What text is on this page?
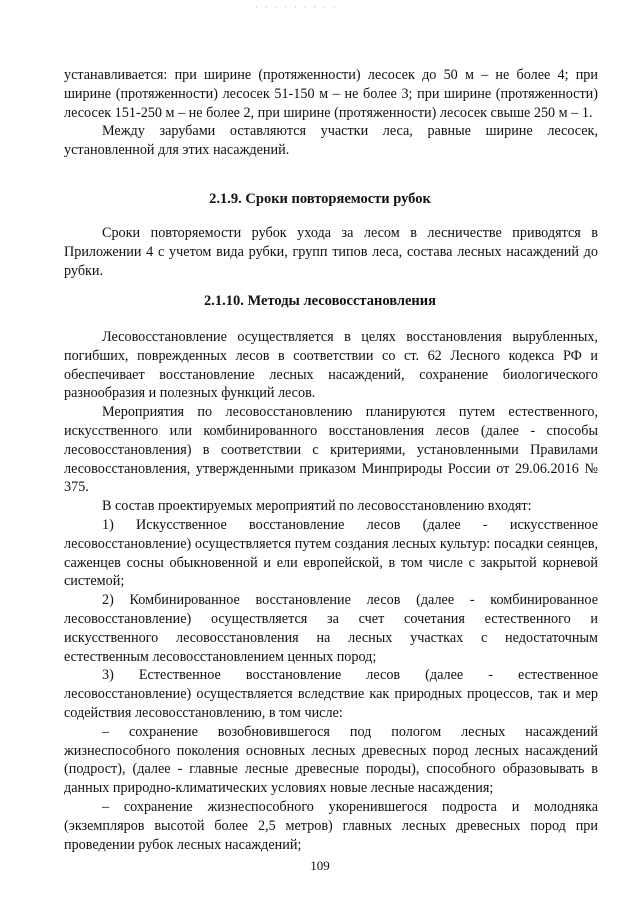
· · · · · · · · ·

устанавливается: при ширине (протяженности) лесосек до 50 м – не более 4; при ширине (протяженности) лесосек 51-150 м – не более 3; при ширине (протяженности) лесосек 151-250 м – не более 2, при ширине (протяженности) лесосек свыше 250 м – 1.

Между зарубами оставляются участки леса, равные ширине лесосек, установленной для этих насаждений.

2.1.9. Сроки повторяемости рубок

Сроки повторяемости рубок ухода за лесом в лесничестве приводятся в Приложении 4 с учетом вида рубки, групп типов леса, состава лесных насаждений до рубки.

2.1.10. Методы лесовосстановления

Лесовосстановление осуществляется в целях восстановления вырубленных, погибших, поврежденных лесов в соответствии со ст. 62 Лесного кодекса РФ и обеспечивает восстановление лесных насаждений, сохранение биологического разнообразия и полезных функций лесов.

Мероприятия по лесовосстановлению планируются путем естественного, искусственного или комбинированного восстановления лесов (далее - способы лесовосстановления) в соответствии с критериями, установленными Правилами лесовосстановления, утвержденными приказом Минприроды России от 29.06.2016 № 375.

В состав проектируемых мероприятий по лесовосстановлению входят:

1) Искусственное восстановление лесов (далее - искусственное лесовосстановление) осуществляется путем создания лесных культур: посадки сеянцев, саженцев сосны обыкновенной и ели европейской, в том числе с закрытой корневой системой;

2) Комбинированное восстановление лесов (далее - комбинированное лесовосстановление) осуществляется за счет сочетания естественного и искусственного лесовосстановления на лесных участках с недостаточным естественным лесовосстановлением ценных пород;

3) Естественное восстановление лесов (далее - естественное лесовосстановление) осуществляется вследствие как природных процессов, так и мер содействия лесовосстановлению, в том числе:

– сохранение возобновившегося под пологом лесных насаждений жизнеспособного поколения основных лесных древесных пород лесных насаждений (подрост), (далее - главные лесные древесные породы), способного образовывать в данных природно-климатических условиях новые лесные насаждения;

– сохранение жизнеспособного укоренившегося подроста и молодняка (экземпляров высотой более 2,5 метров) главных лесных древесных пород при проведении рубок лесных насаждений;

109
